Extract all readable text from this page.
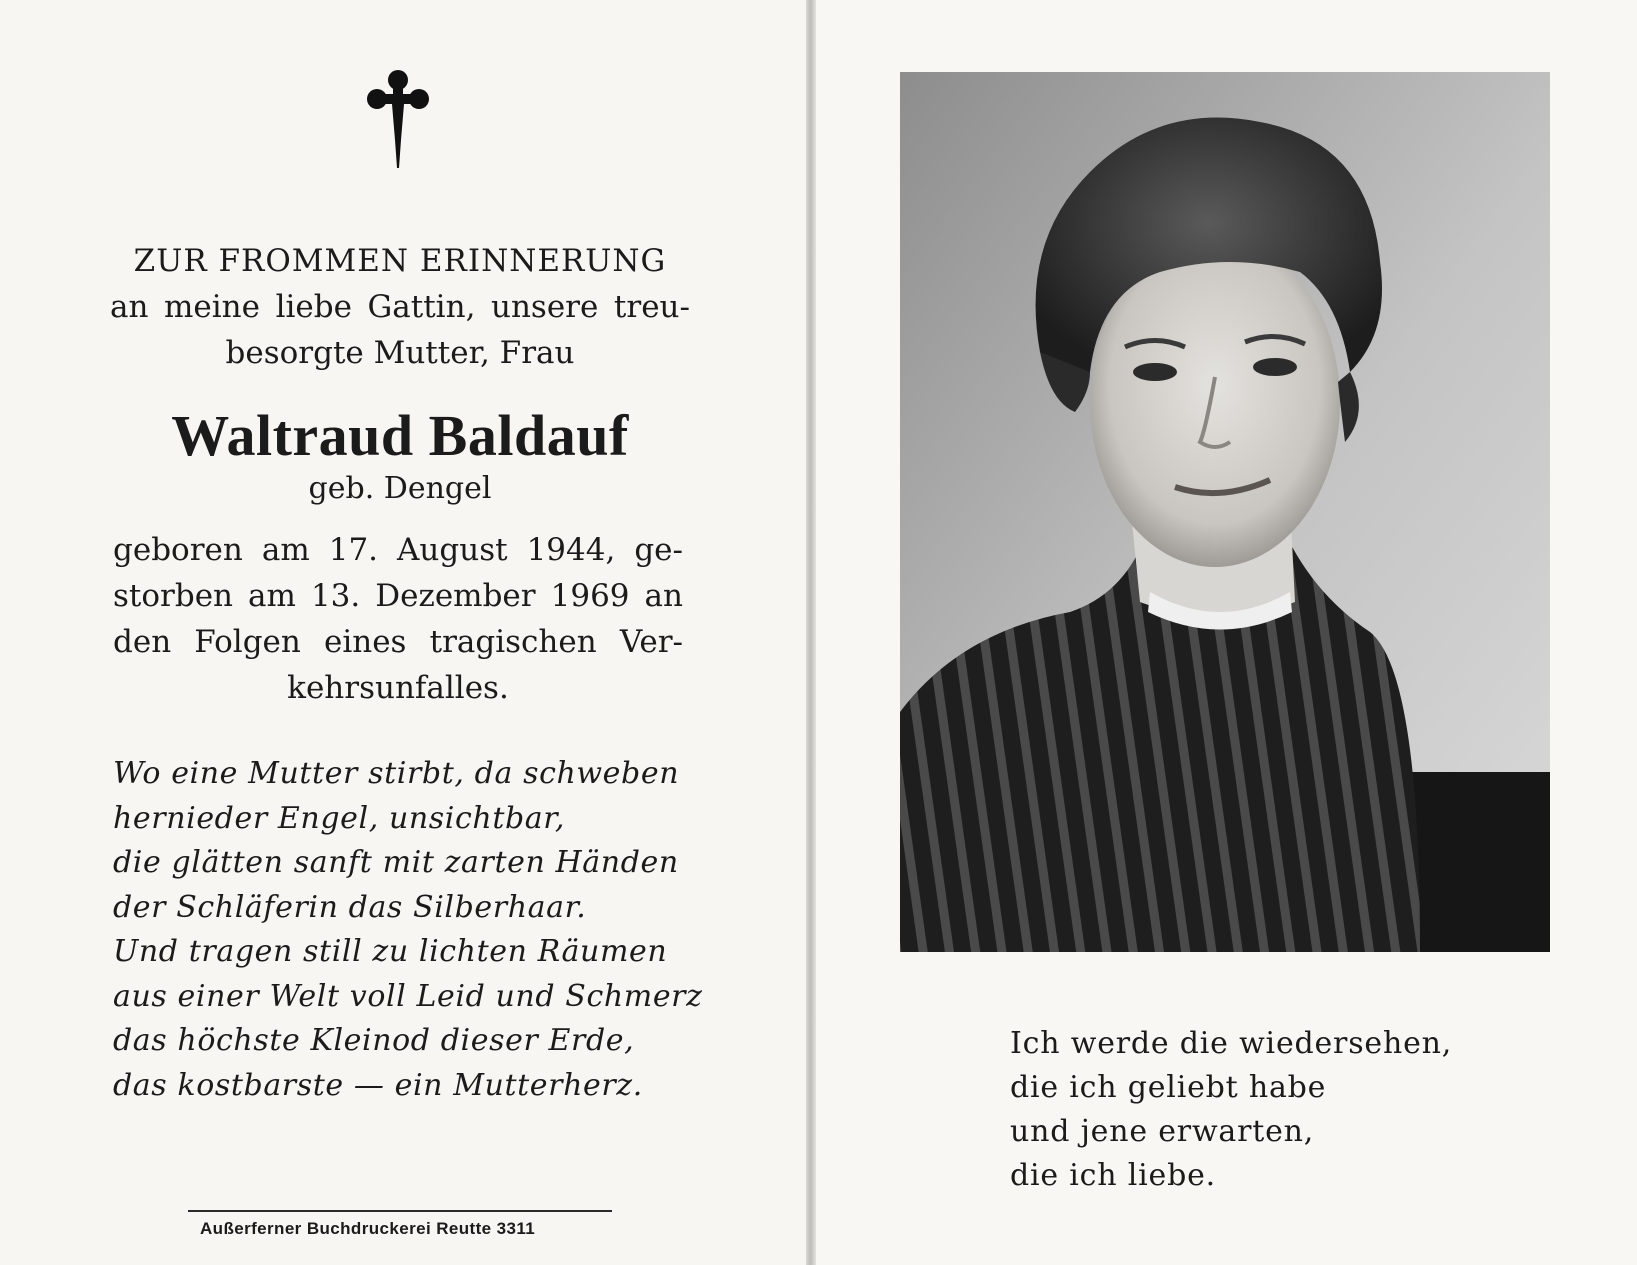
ZUR FROMMEN ERINNERUNG
an meine liebe Gattin, unsere treu-
besorgte Mutter, Frau
Waltraud Baldauf
geb. Dengel
geboren am 17. August 1944, ge-
storben am 13. Dezember 1969 an
den Folgen eines tragischen Ver-
kehrsunfalles.
Wo eine Mutter stirbt, da schweben
hernieder Engel, unsichtbar,
die glätten sanft mit zarten Händen
der Schläferin das Silberhaar.
Und tragen still zu lichten Räumen
aus einer Welt voll Leid und Schmerz
das höchste Kleinod dieser Erde,
das kostbarste — ein Mutterherz.
Außerferner Buchdruckerei Reutte 3311
Ich werde die wiedersehen,
die ich geliebt habe
und jene erwarten,
die ich liebe.
